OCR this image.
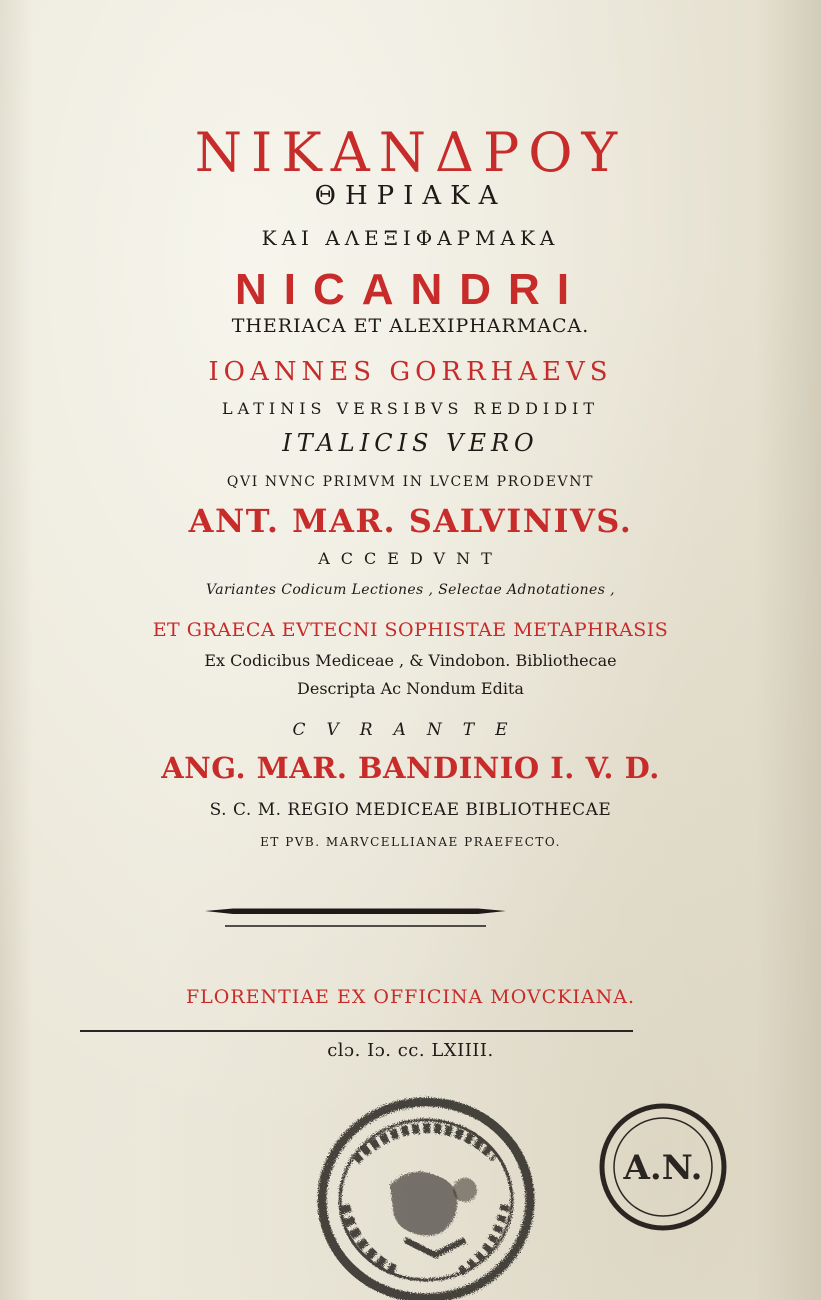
ΝΙΚΑΝΔΡΟΥ
ΘΗΡΙΑΚΑ
ΚΑΙ ΑΛΕΞΙΦΑΡΜΑΚΑ
NICANDRI
THERIACA ET ALEXIPHARMACA.
IOANNES GORRHAEVS
LATINIS VERSIBVS REDDIDIT
ITALICIS VERO
QVI NVNC PRIMVM IN LVCEM PRODEVNT
ANT. MAR. SALVINIVS.
ACCEDVNT
Variantes Codicum Lectiones , Selectae Adnotationes ,
ET GRAECA EVTECNI SOPHISTAE METAPHRASIS
Ex Codicibus Mediceae , & Vindobon. Bibliothecae
Descripta Ac Nondum Edita
CVRANTE
ANG. MAR. BANDINIO I. V. D.
S. C. M. REGIO MEDICEAE BIBLIOTHECAE
ET PVB. MARVCELLIANAE PRAEFECTO.
FLORENTIAE EX OFFICINA MOVCKIANA.
clɔ. Iɔ. cc. LXIIII.
A.N.
